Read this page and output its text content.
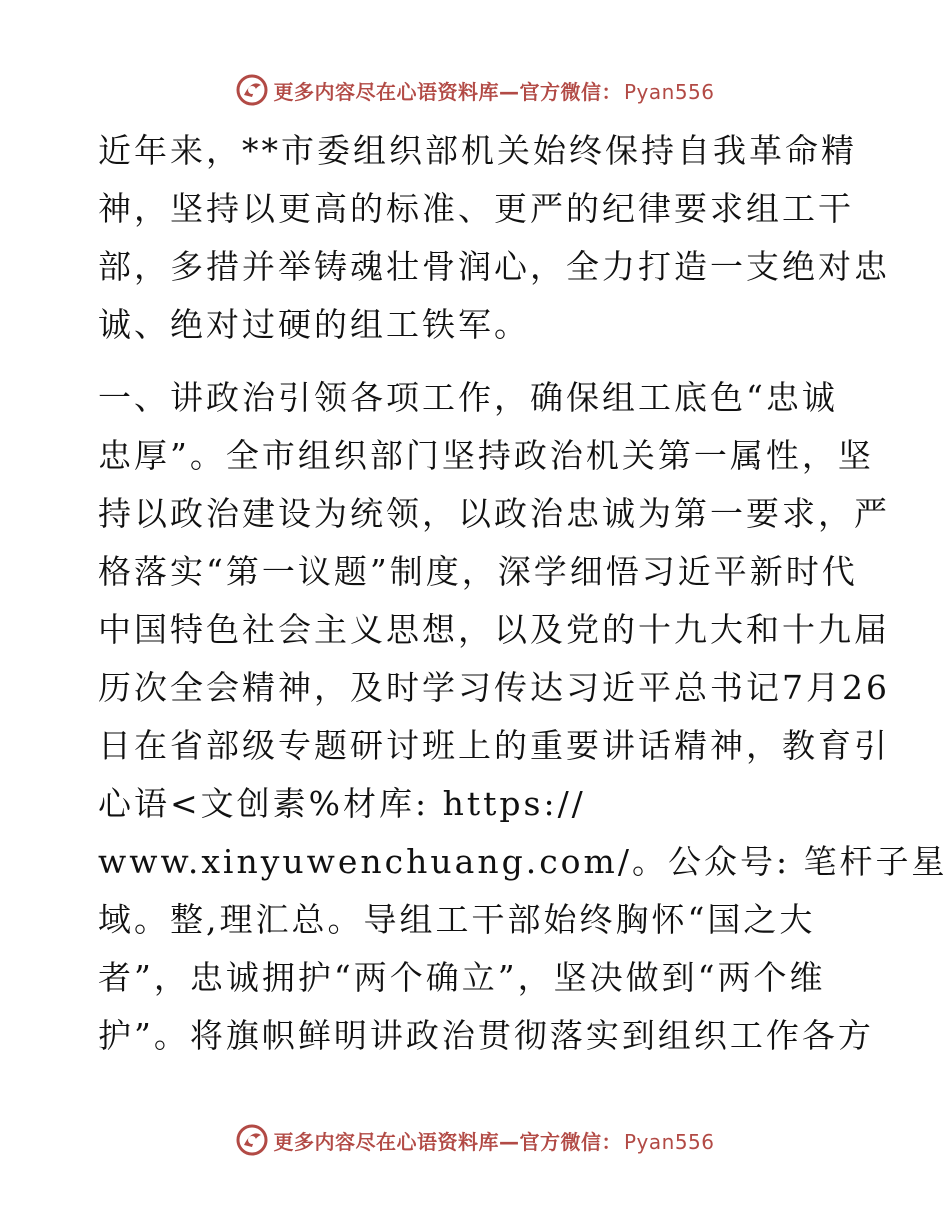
更多内容尽在心语资料库—官方微信： Pyan556
近年来，**市委组织部机关始终保持自我革命精
神，坚持以更高的标准、更严的纪律要求组工干
部，多措并举铸魂壮骨润心，全力打造一支绝对忠
诚、绝对过硬的组工铁军。
一、讲政治引领各项工作，确保组工底色“忠诚
忠厚”。全市组织部门坚持政治机关第一属性，坚
持以政治建设为统领，以政治忠诚为第一要求，严
格落实“第一议题”制度，深学细悟习近平新时代
中国特色社会主义思想，以及党的十九大和十九届
历次全会精神，及时学习传达习近平总书记7月26
日在省部级专题研讨班上的重要讲话精神，教育引
心语<文创素%材库: https://
www.xinyuwenchuang.com/。公众号: 笔杆子星
域。整,理汇总。导组工干部始终胸怀“国之大
者”，忠诚拥护“两个确立”，坚决做到“两个维
护”。将旗帜鲜明讲政治贯彻落实到组织工作各方
更多内容尽在心语资料库—官方微信： Pyan556
